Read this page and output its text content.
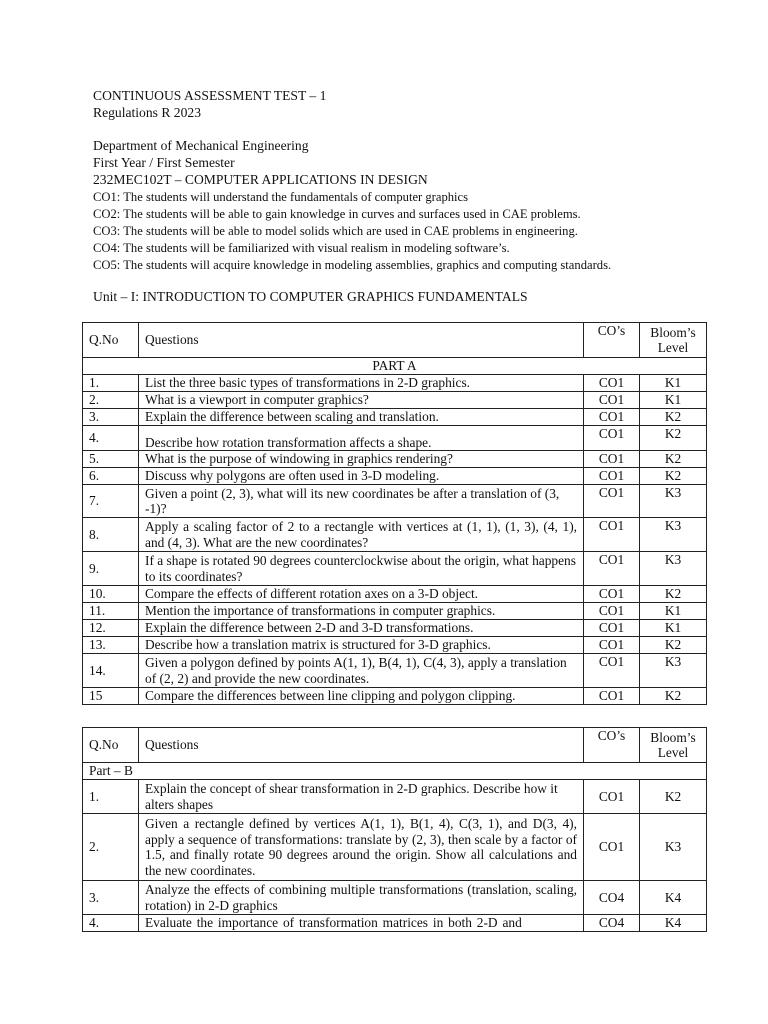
CONTINUOUS ASSESSMENT TEST – 1
Regulations R 2023
Department of Mechanical Engineering
First Year / First Semester
232MEC102T – COMPUTER APPLICATIONS IN DESIGN
CO1: The students will understand the fundamentals of computer graphics
CO2: The students will be able to gain knowledge in curves and surfaces used in CAE problems.
CO3: The students will be able to model solids which are used in CAE problems in engineering.
CO4: The students will be familiarized with visual realism in modeling software’s.
CO5: The students will acquire knowledge in modeling assemblies, graphics and computing standards.
Unit – I: INTRODUCTION TO COMPUTER GRAPHICS FUNDAMENTALS
Q.No	Questions	CO’s	Bloom’s Level
PART A			
1.	List the three basic types of transformations in 2-D graphics.	CO1	K1
2.	What is a viewport in computer graphics?	CO1	K1
3.	Explain the difference between scaling and translation.	CO1	K2
4.	Describe how rotation transformation affects a shape.	CO1	K2
5.	What is the purpose of windowing in graphics rendering?	CO1	K2
6.	Discuss why polygons are often used in 3-D modeling.	CO1	K2
7.	Given a point (2, 3), what will its new coordinates be after a translation of (3, -1)?	CO1	K3
8.	Apply a scaling factor of 2 to a rectangle with vertices at (1, 1), (1, 3), (4, 1), and (4, 3). What are the new coordinates?	CO1	K3
9.	If a shape is rotated 90 degrees counterclockwise about the origin, what happens to its coordinates?	CO1	K3
10.	Compare the effects of different rotation axes on a 3-D object.	CO1	K2
11.	Mention the importance of transformations in computer graphics.	CO1	K1
12.	Explain the difference between 2-D and 3-D transformations.	CO1	K1
13.	Describe how a translation matrix is structured for 3-D graphics.	CO1	K2
14.	Given a polygon defined by points A(1, 1), B(4, 1), C(4, 3), apply a translation of (2, 2) and provide the new coordinates.	CO1	K3
15	Compare the differences between line clipping and polygon clipping.	CO1	K2
Q.No	Questions	CO’s	Bloom’s Level
Part – B			
1.	Explain the concept of shear transformation in 2-D graphics. Describe how it alters shapes	CO1	K2
2.	Given a rectangle defined by vertices A(1, 1), B(1, 4), C(3, 1), and D(3, 4), apply a sequence of transformations: translate by (2, 3), then scale by a factor of 1.5, and finally rotate 90 degrees around the origin. Show all calculations and the new coordinates.	CO1	K3
3.	Analyze the effects of combining multiple transformations (translation, scaling, rotation) in 2-D graphics	CO4	K4
4.	Evaluate the importance of transformation matrices in both 2-D and	CO4	K4
